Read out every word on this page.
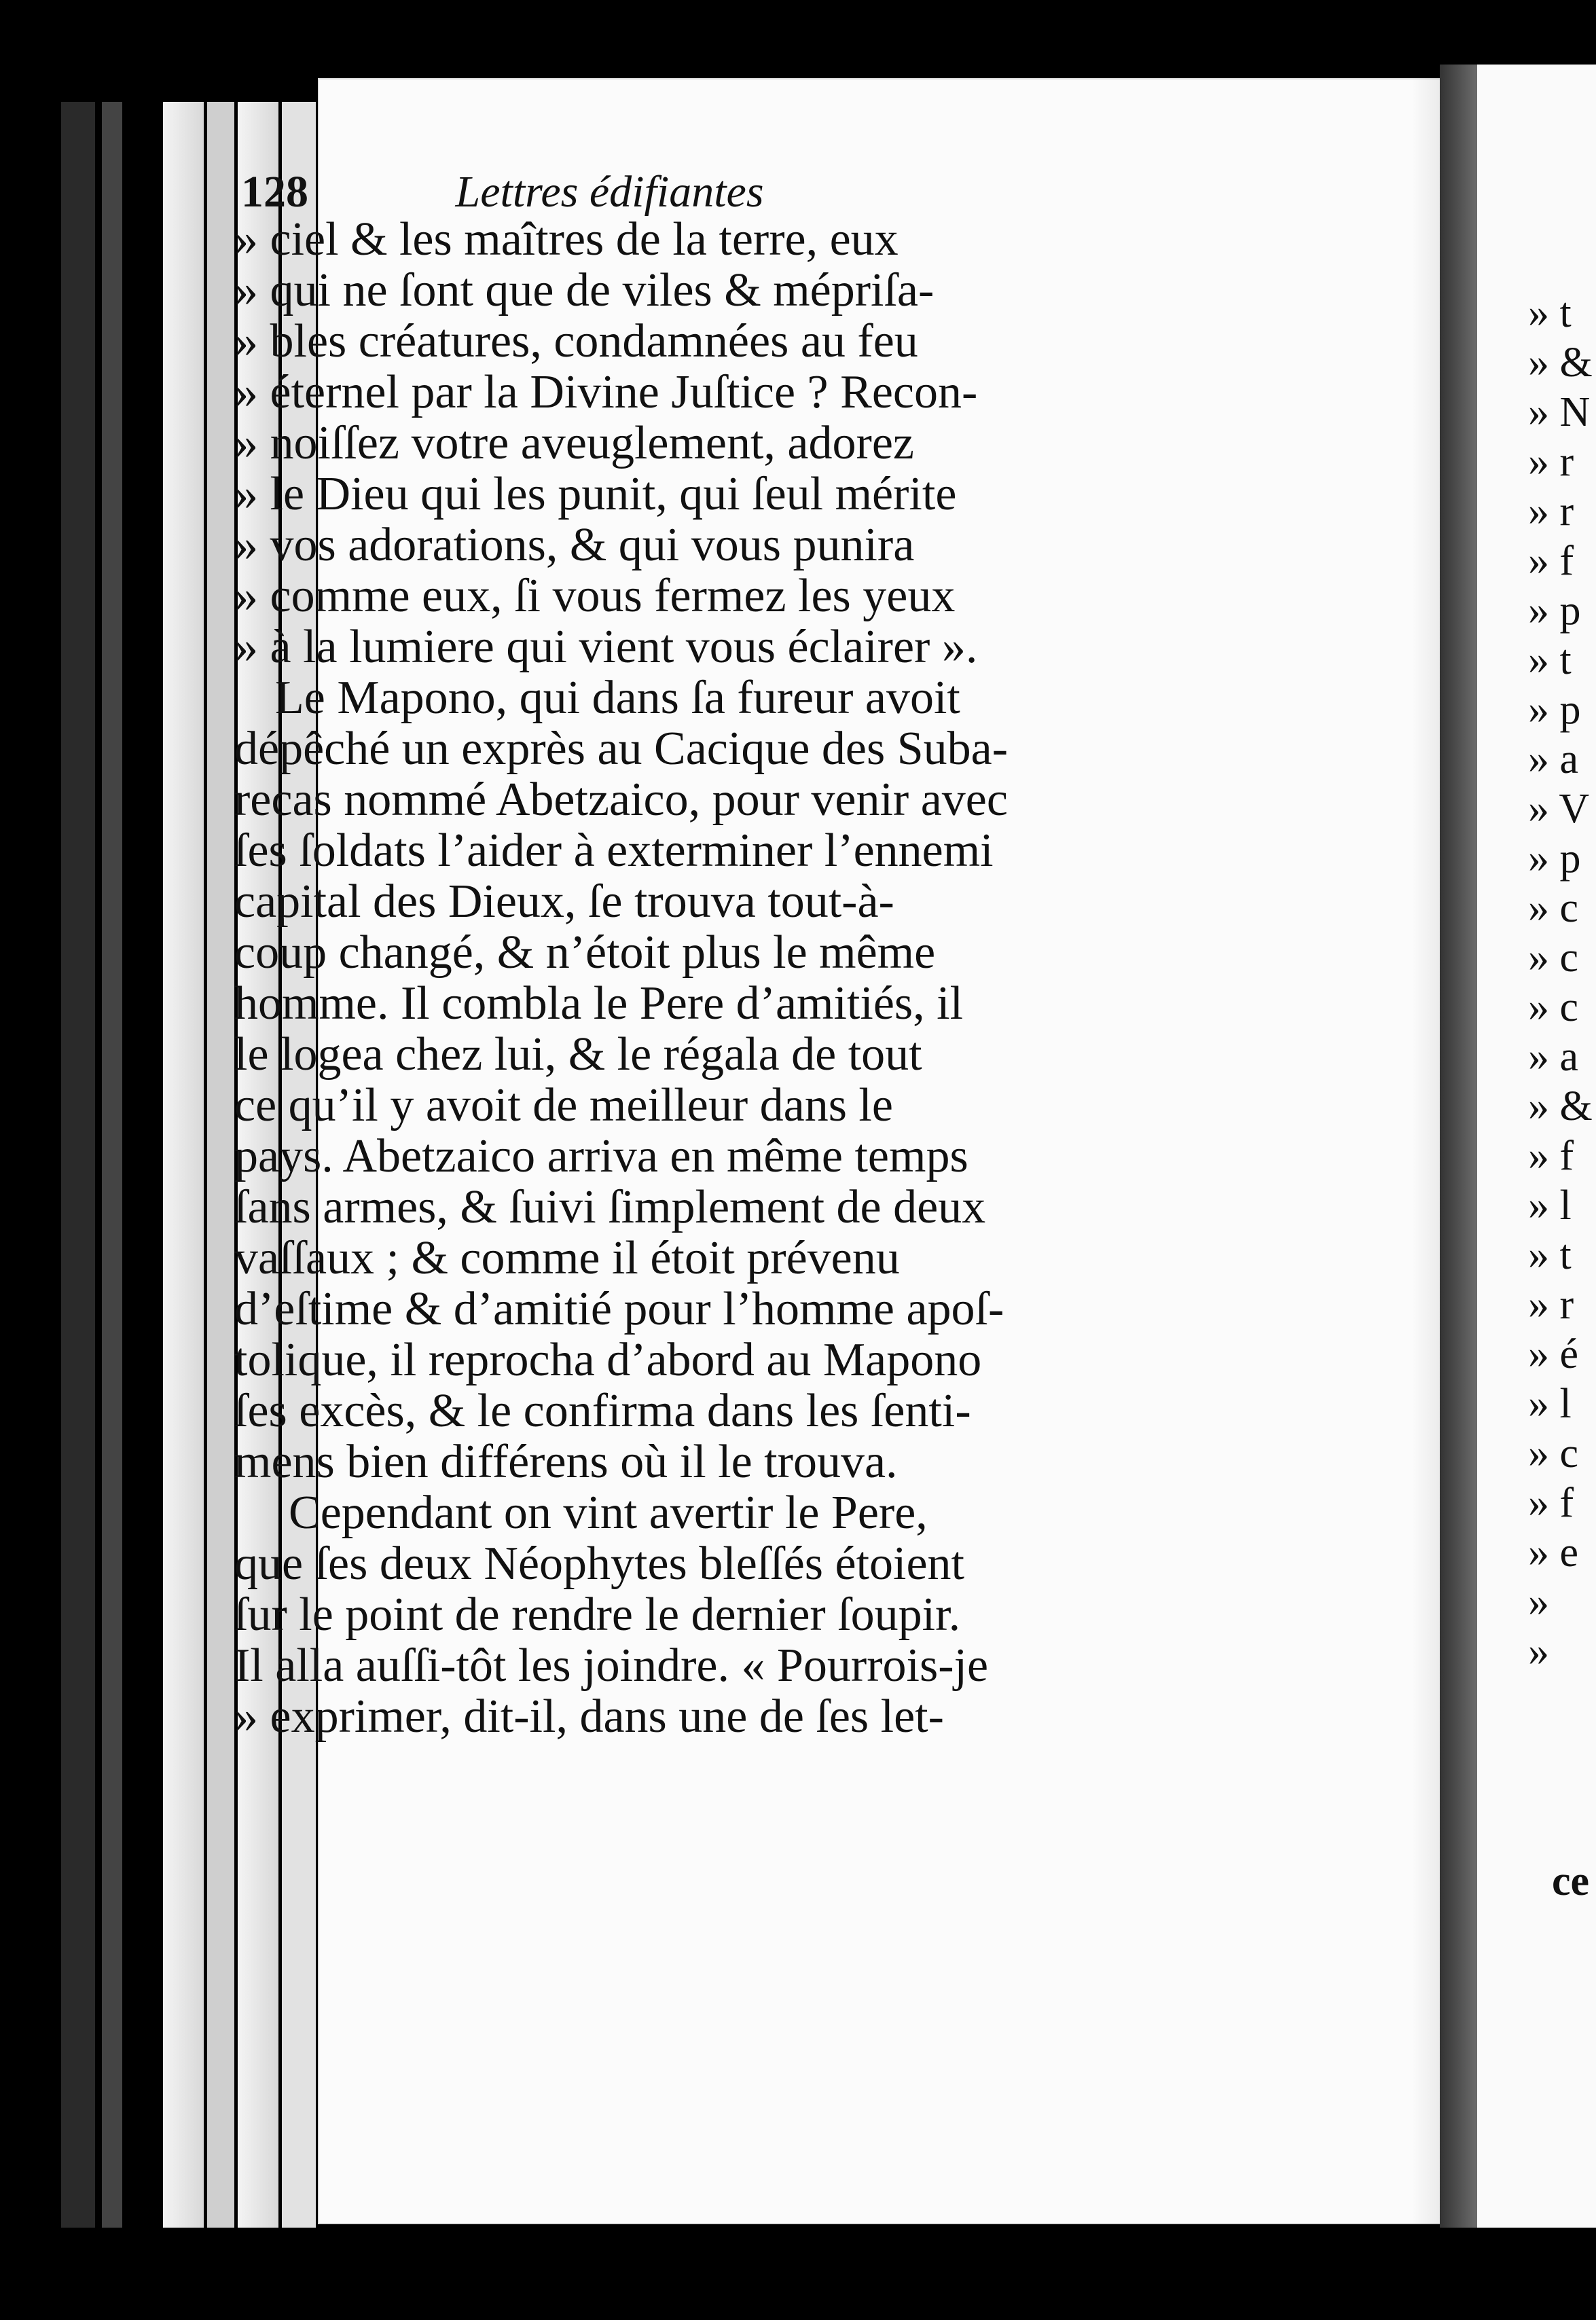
128	Lettres édifiantes
» ciel & les maîtres de la terre, eux
» qui ne ſont que de viles & mépriſa-
» bles créatures, condamnées au feu
» éternel par la Divine Juſtice ? Recon-
» noiſſez votre aveuglement, adorez
» le Dieu qui les punit, qui ſeul mérite
» vos adorations, & qui vous punira
» comme eux, ſi vous fermez les yeux
» à la lumiere qui vient vous éclairer ».
Le Mapono, qui dans ſa fureur avoit
dépêché un exprès au Cacique des Suba-
recas nommé Abetzaico, pour venir avec
ſes ſoldats l’aider à exterminer l’ennemi
capital des Dieux, ſe trouva tout-à-
coup changé, & n’étoit plus le même
homme. Il combla le Pere d’amitiés, il
le logea chez lui, & le régala de tout
ce qu’il y avoit de meilleur dans le
pays. Abetzaico arriva en même temps
ſans armes, & ſuivi ſimplement de deux
vaſſaux ; & comme il étoit prévenu
d’eſtime & d’amitié pour l’homme apoſ-
tolique, il reprocha d’abord au Mapono
ſes excès, & le confirma dans les ſenti-
mens bien différens où il le trouva.
Cependant on vint avertir le Pere,
que ſes deux Néophytes bleſſés étoient
ſur le point de rendre le dernier ſoupir.
Il alla auſſi-tôt les joindre. « Pourrois-je
» exprimer, dit-il, dans une de ſes let-
» t
» &
» N
» r
» r
» f
» p
» t
» p
» a
» V
» p
» c
» c
» c
» a
» &
» f
» l
» t
» r
» é
» l
» c
» f
» e
»
»
ce
